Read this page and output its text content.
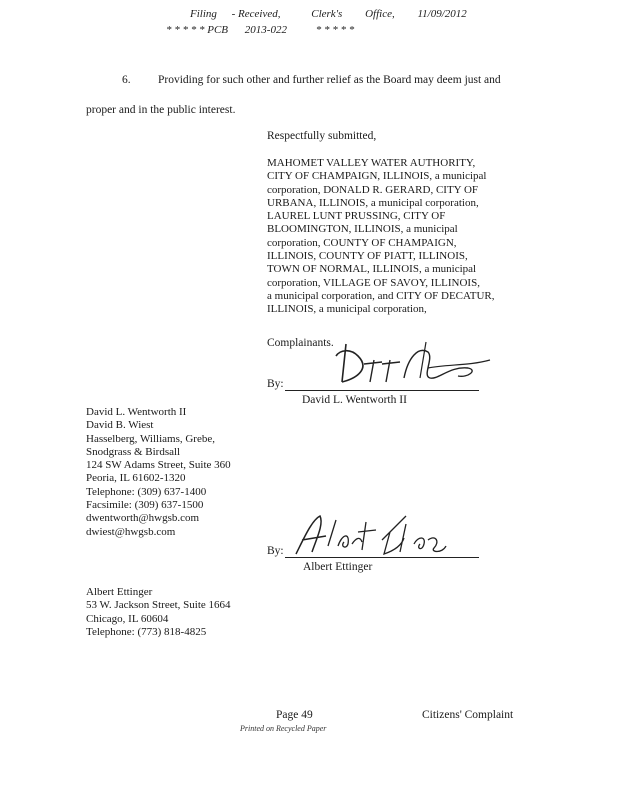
Filing - Received,	Clerk's Office, 11/09/2012
* * * * * PCB 2013-022	* * * * *
6. Providing for such other and further relief as the Board may deem just and
proper and in the public interest.
Respectfully submitted,
MAHOMET VALLEY WATER AUTHORITY,
CITY OF CHAMPAIGN, ILLINOIS, a municipal
corporation, DONALD R. GERARD, CITY OF
URBANA, ILLINOIS, a municipal corporation,
LAUREL LUNT PRUSSING, CITY OF
BLOOMINGTON, ILLINOIS, a municipal
corporation, COUNTY OF CHAMPAIGN,
ILLINOIS, COUNTY OF PIATT, ILLINOIS,
TOWN OF NORMAL, ILLINOIS, a municipal
corporation, VILLAGE OF SAVOY, ILLINOIS,
a municipal corporation, and CITY OF DECATUR,
ILLINOIS, a municipal corporation,
Complainants.
By:
David L. Wentworth II
David L. Wentworth II
David B. Wiest
Hasselberg, Williams, Grebe,
Snodgrass & Birdsall
124 SW Adams Street, Suite 360
Peoria, IL 61602-1320
Telephone: (309) 637-1400
Facsimile: (309) 637-1500
dwentworth@hwgsb.com
dwiest@hwgsb.com
By:
Albert Ettinger
Albert Ettinger
53 W. Jackson Street, Suite 1664
Chicago, IL 60604
Telephone: (773) 818-4825
Page 49
Printed on Recycled Paper
Citizens' Complaint
